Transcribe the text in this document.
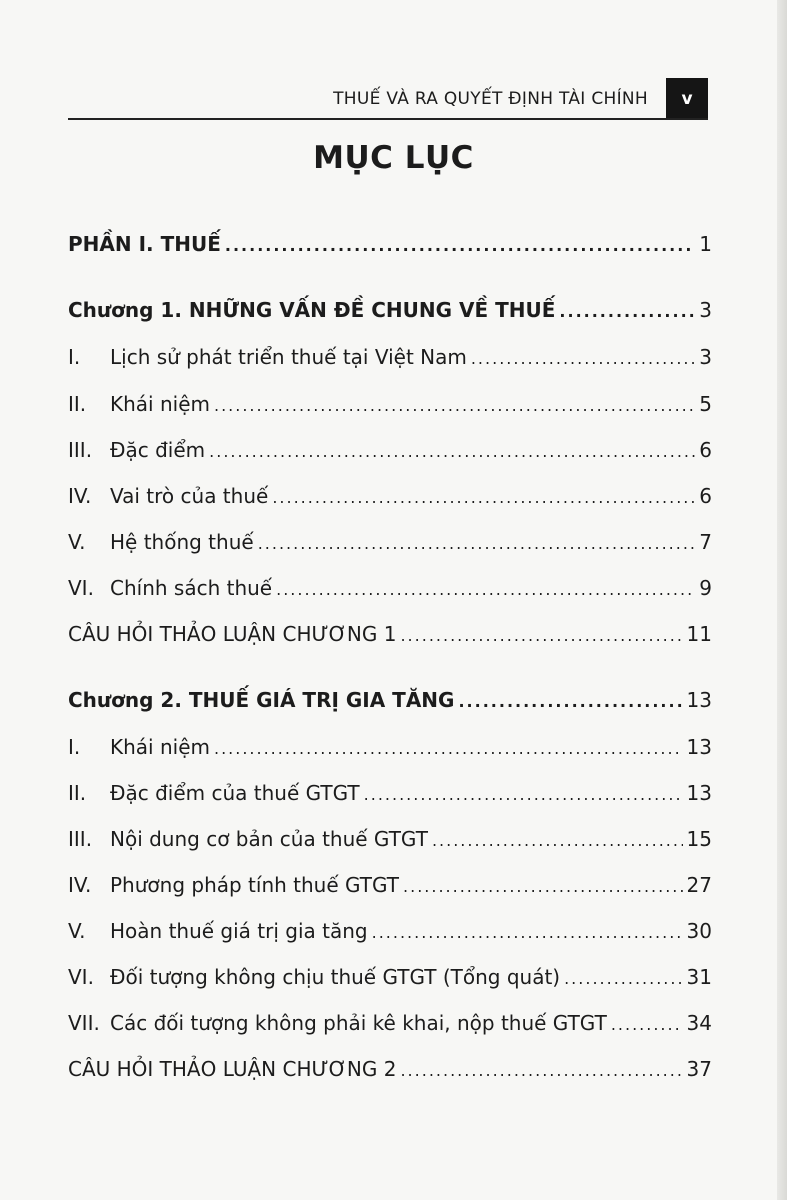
THUẾ VÀ RA QUYẾT ĐỊNH TÀI CHÍNH	v
MỤC LỤC
PHẦN I. THUẾ .....	1
Chương 1. NHỮNG VẤN ĐỀ CHUNG VỀ THUẾ .....	3
I.	Lịch sử phát triển thuế tại Việt Nam .....	3
II.	Khái niệm .....	5
III. Đặc điểm .....	6
IV. Vai trò của thuế .....	6
V.	Hệ thống thuế .....	7
VI. Chính sách thuế .....	9
CÂU HỎI THẢO LUẬN CHƯƠNG 1 .....	11
Chương 2. THUẾ GIÁ TRỊ GIA TĂNG .....	13
I.	Khái niệm .....	13
II.	Đặc điểm của thuế GTGT .....	13
III. Nội dung cơ bản của thuế GTGT .....	15
IV. Phương pháp tính thuế GTGT .....	27
V.	Hoàn thuế giá trị gia tăng .....	30
VI. Đối tượng không chịu thuế GTGT (Tổng quát) .....	31
VII. Các đối tượng không phải kê khai, nộp thuế GTGT .....	34
CÂU HỎI THẢO LUẬN CHƯƠNG 2 .....	37
